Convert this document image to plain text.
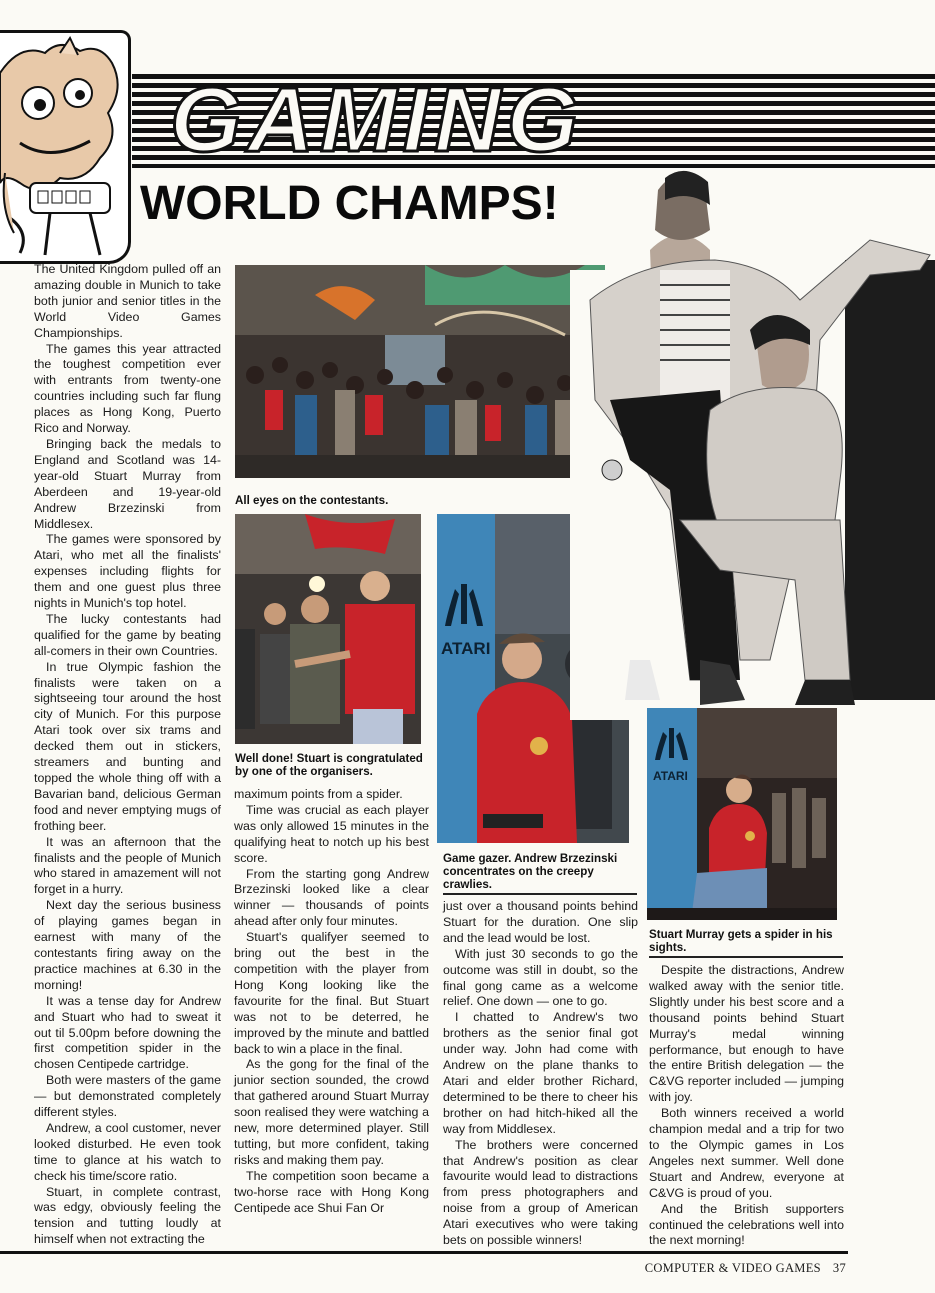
GAMING
WORLD CHAMPS!
All eyes on the contestants.
Well done! Stuart is congratulated by one of the organisers.
ATARI
Game gazer. Andrew Brzezinski concentrates on the creepy crawlies.
ATARI
Stuart Murray gets a spider in his sights.

The United Kingdom pulled off an amazing double in Munich to take both junior and senior titles in the World Video Games Championships.

The games this year attracted the toughest competition ever with entrants from twenty-one countries including such far flung places as Hong Kong, Puerto Rico and Norway.

Bringing back the medals to England and Scotland was 14-year-old Stuart Murray from Aberdeen and 19-year-old Andrew Brzezinski from Middlesex.

The games were sponsored by Atari, who met all the finalists' expenses including flights for them and one guest plus three nights in Munich's top hotel.

The lucky contestants had qualified for the game by beating all-comers in their own Countries.

In true Olympic fashion the finalists were taken on a sightseeing tour around the host city of Munich. For this purpose Atari took over six trams and decked them out in stickers, streamers and bunting and topped the whole thing off with a Bavarian band, delicious German food and never emptying mugs of frothing beer.

It was an afternoon that the finalists and the people of Munich who stared in amazement will not forget in a hurry.

Next day the serious business of playing games began in earnest with many of the contestants firing away on the practice machines at 6.30 in the morning!

It was a tense day for Andrew and Stuart who had to sweat it out til 5.00pm before downing the first competition spider in the chosen Centipede cartridge.

Both were masters of the game — but demonstrated completely different styles.

Andrew, a cool customer, never looked disturbed. He even took time to glance at his watch to check his time/score ratio.

Stuart, in complete contrast, was edgy, obviously feeling the tension and tutting loudly at himself when not extracting the

maximum points from a spider.

Time was crucial as each player was only allowed 15 minutes in the qualifying heat to notch up his best score.

From the starting gong Andrew Brzezinski looked like a clear winner — thousands of points ahead after only four minutes.

Stuart's qualifyer seemed to bring out the best in the competition with the player from Hong Kong looking like the favourite for the final. But Stuart was not to be deterred, he improved by the minute and battled back to win a place in the final.

As the gong for the final of the junior section sounded, the crowd that gathered around Stuart Murray soon realised they were watching a new, more determined player. Still tutting, but more confident, taking risks and making them pay.

The competition soon became a two-horse race with Hong Kong Centipede ace Shui Fan Or

just over a thousand points behind Stuart for the duration. One slip and the lead would be lost.

With just 30 seconds to go the outcome was still in doubt, so the final gong came as a welcome relief. One down — one to go.

I chatted to Andrew's two brothers as the senior final got under way. John had come with Andrew on the plane thanks to Atari and elder brother Richard, determined to be there to cheer his brother on had hitch-hiked all the way from Middlesex.

The brothers were concerned that Andrew's position as clear favourite would lead to distractions from press photographers and noise from a group of American Atari executives who were taking bets on possible winners!

Despite the distractions, Andrew walked away with the senior title. Slightly under his best score and a thousand points behind Stuart Murray's medal winning performance, but enough to have the entire British delegation — the C&VG reporter included — jumping with joy.

Both winners received a world champion medal and a trip for two to the Olympic games in Los Angeles next summer. Well done Stuart and Andrew, everyone at C&VG is proud of you.

And the British supporters continued the celebrations well into the next morning!

COMPUTER & VIDEO GAMES 37
